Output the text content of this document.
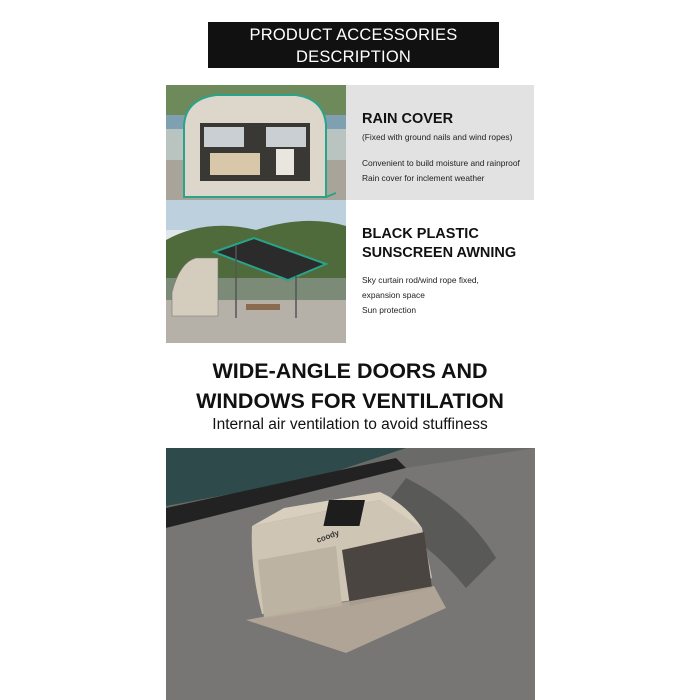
PRODUCT ACCESSORIES
DESCRIPTION
RAIN COVER
(Fixed with ground nails and wind ropes)
Convenient to build moisture and rainproof
Rain cover for inclement weather
BLACK PLASTIC
SUNSCREEN AWNING
Sky curtain rod/wind rope fixed,
expansion space
Sun protection
WIDE-ANGLE DOORS AND
WINDOWS FOR VENTILATION
Internal air ventilation to avoid stuffiness
coody
